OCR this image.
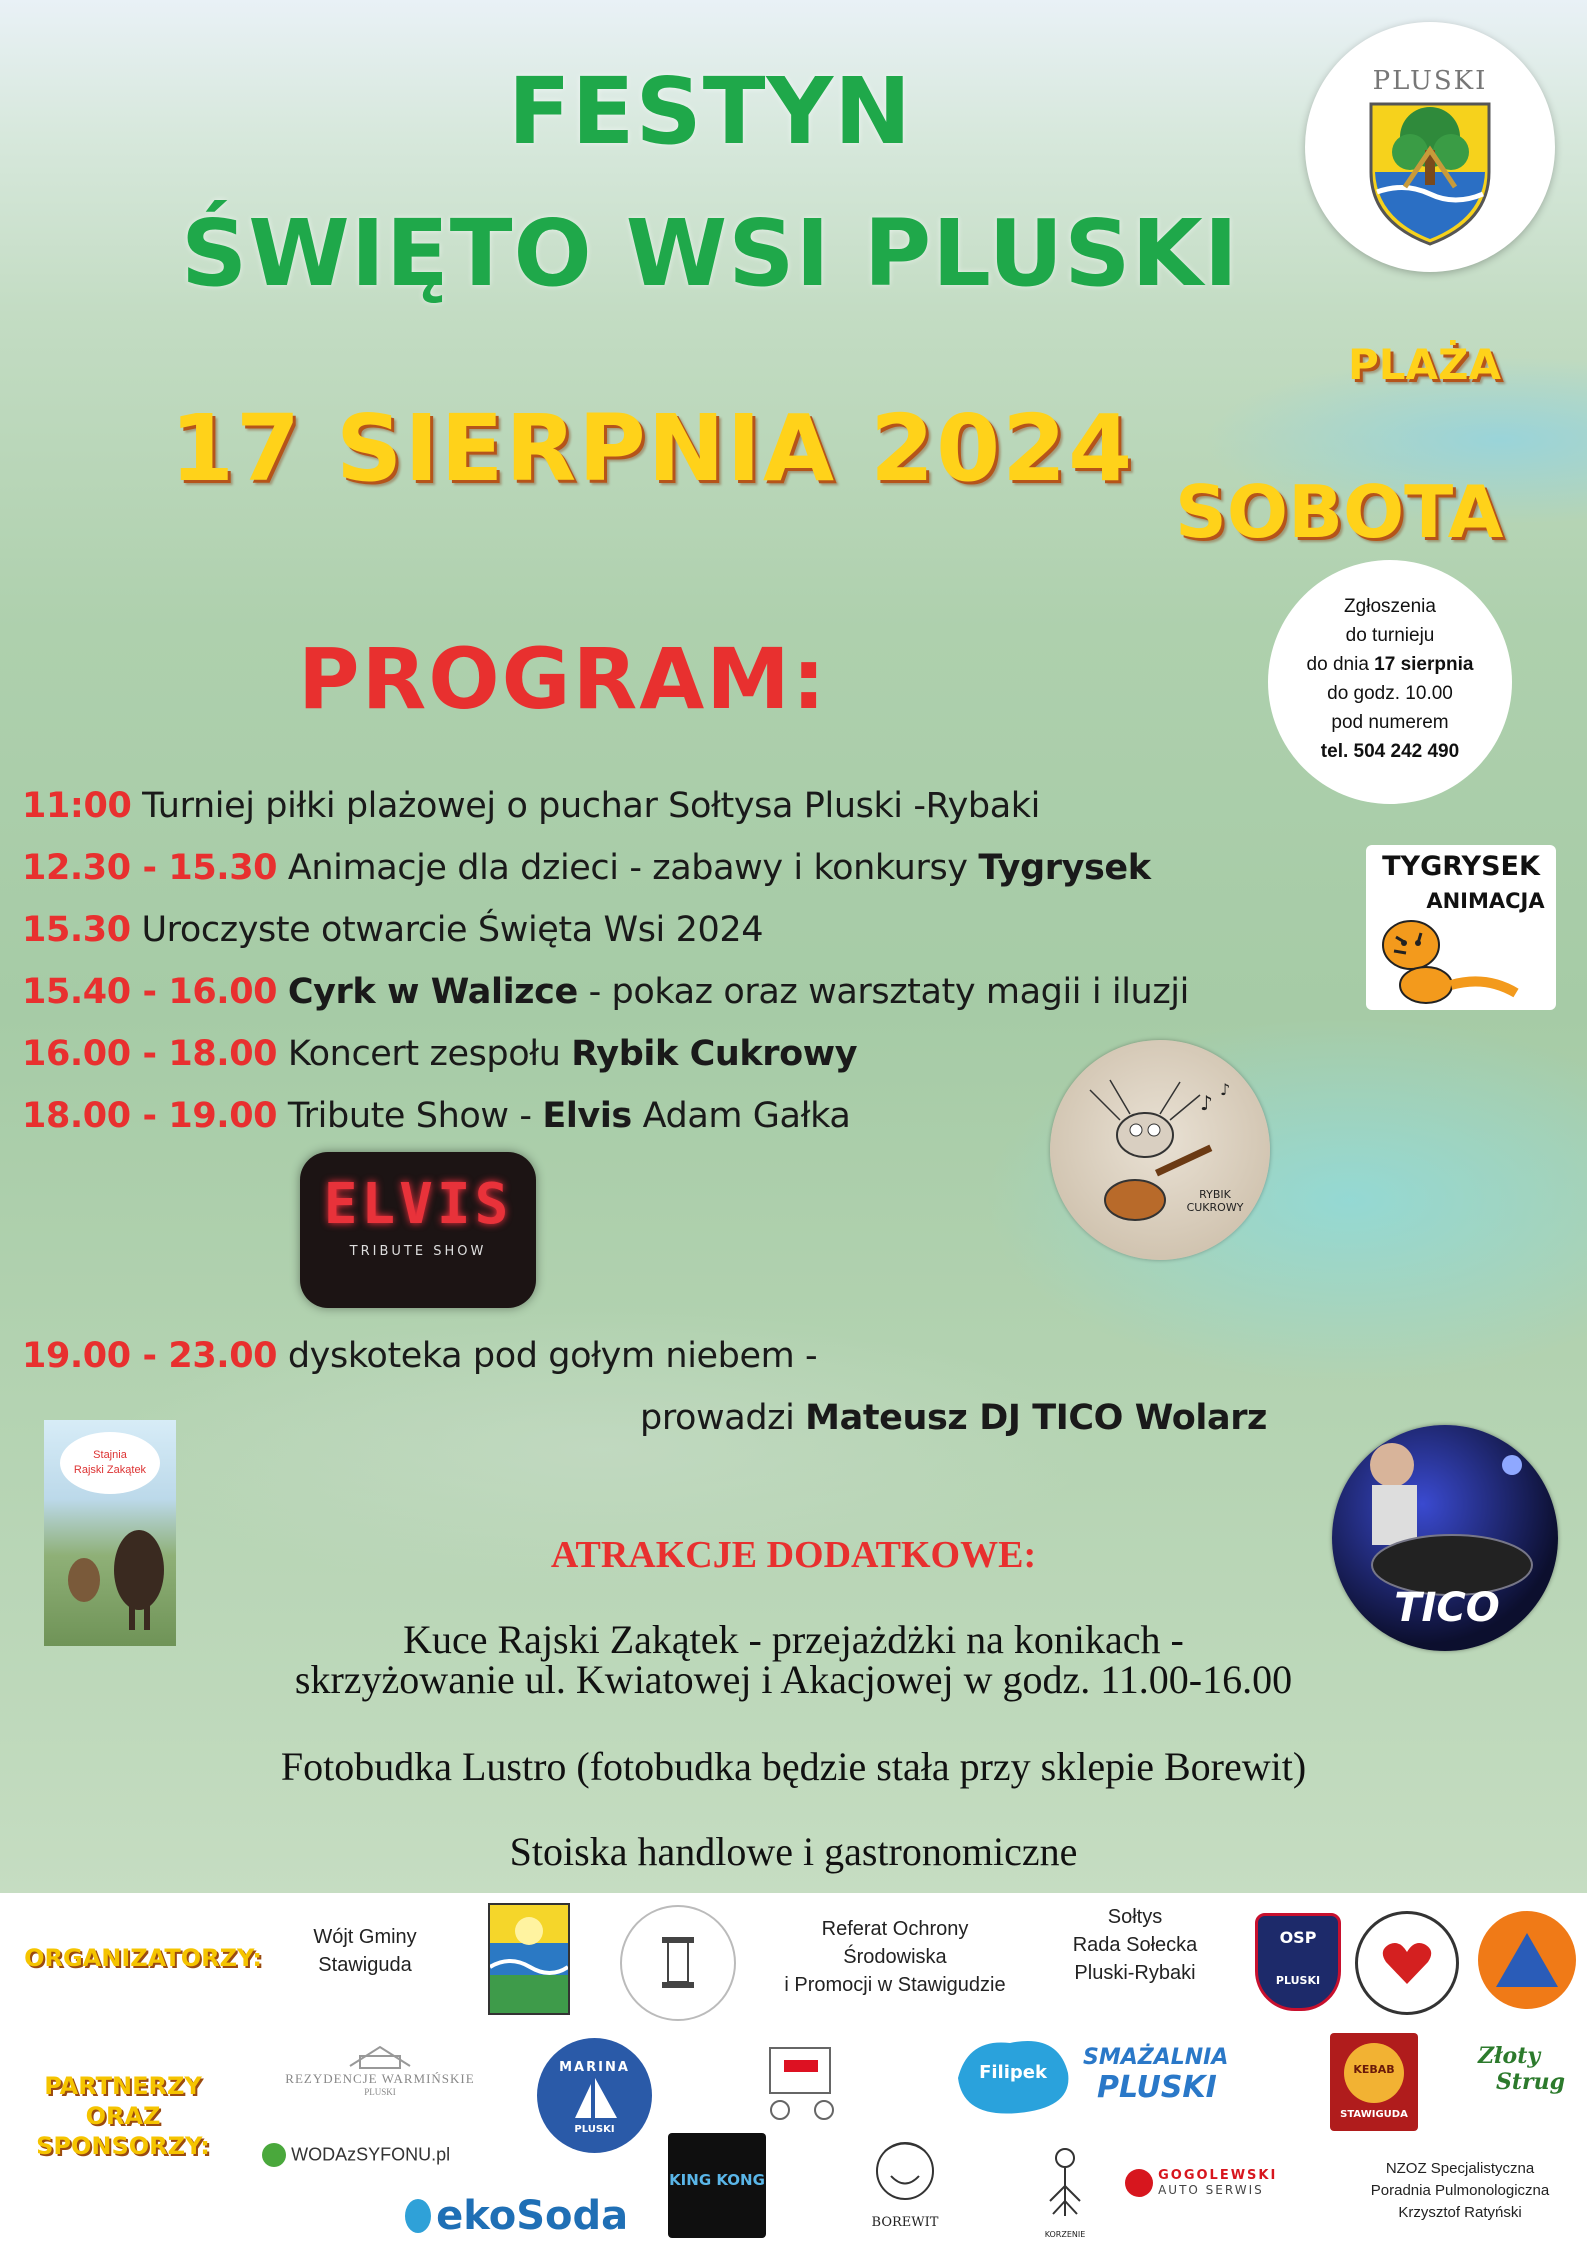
FESTYN
ŚWIĘTO WSI PLUSKI
PLAŻA
17 SIERPNIA 2024
SOBOTA
PLUSKI
Zgłoszenia
do turnieju
do dnia 17 sierpnia
do godz. 10.00
pod numerem
tel. 504 242 490
PROGRAM:
11:00 Turniej piłki plażowej o puchar Sołtysa Pluski -Rybaki
12.30 - 15.30 Animacje dla dzieci - zabawy i konkursy Tygrysek
15.30 Uroczyste otwarcie Święta Wsi 2024
15.40 - 16.00 Cyrk w Walizce - pokaz oraz warsztaty magii i iluzji
16.00 - 18.00 Koncert zespołu Rybik Cukrowy
18.00 - 19.00 Tribute Show - Elvis Adam Gałka
19.00 - 23.00 dyskoteka pod gołym niebem -
prowadzi Mateusz DJ TICO Wolarz
TYGRYSEK
ANIMACJA
♪
♪
RYBIK
CUKROWY
ELVIS
TRIBUTE SHOW
Stajnia
Rajski Zakątek
TICO
ATRAKCJE DODATKOWE:
Kuce Rajski Zakątek - przejażdżki na konikach -
skrzyżowanie ul. Kwiatowej i Akacjowej w godz. 11.00-16.00
Fotobudka Lustro (fotobudka będzie stała przy sklepie Borewit)
Stoiska handlowe i gastronomiczne
ORGANIZATORZY:
Wójt Gminy Stawiguda
Referat Ochrony
Środowiska
i Promocji w Stawigudzie
Sołtys
Rada Sołecka
Pluski-Rybaki
OSP
PLUSKI
PARTNERZY
ORAZ
SPONSORZY:
REZYDENCJE WARMIŃSKIE
PLUSKI
WODAzSYFONU.pl
ekoSoda
MARINA
PLUSKI
KING KONG
BOREWIT
Filipek
KORZENIE
SMAŻALNIA
PLUSKI

GOGOLEWSKI
AUTO SERWIS
KEBAB
STAWIGUDA
Złoty
Strug
NZOZ Specjalistyczna
Poradnia Pulmonologiczna
Krzysztof Ratyński
